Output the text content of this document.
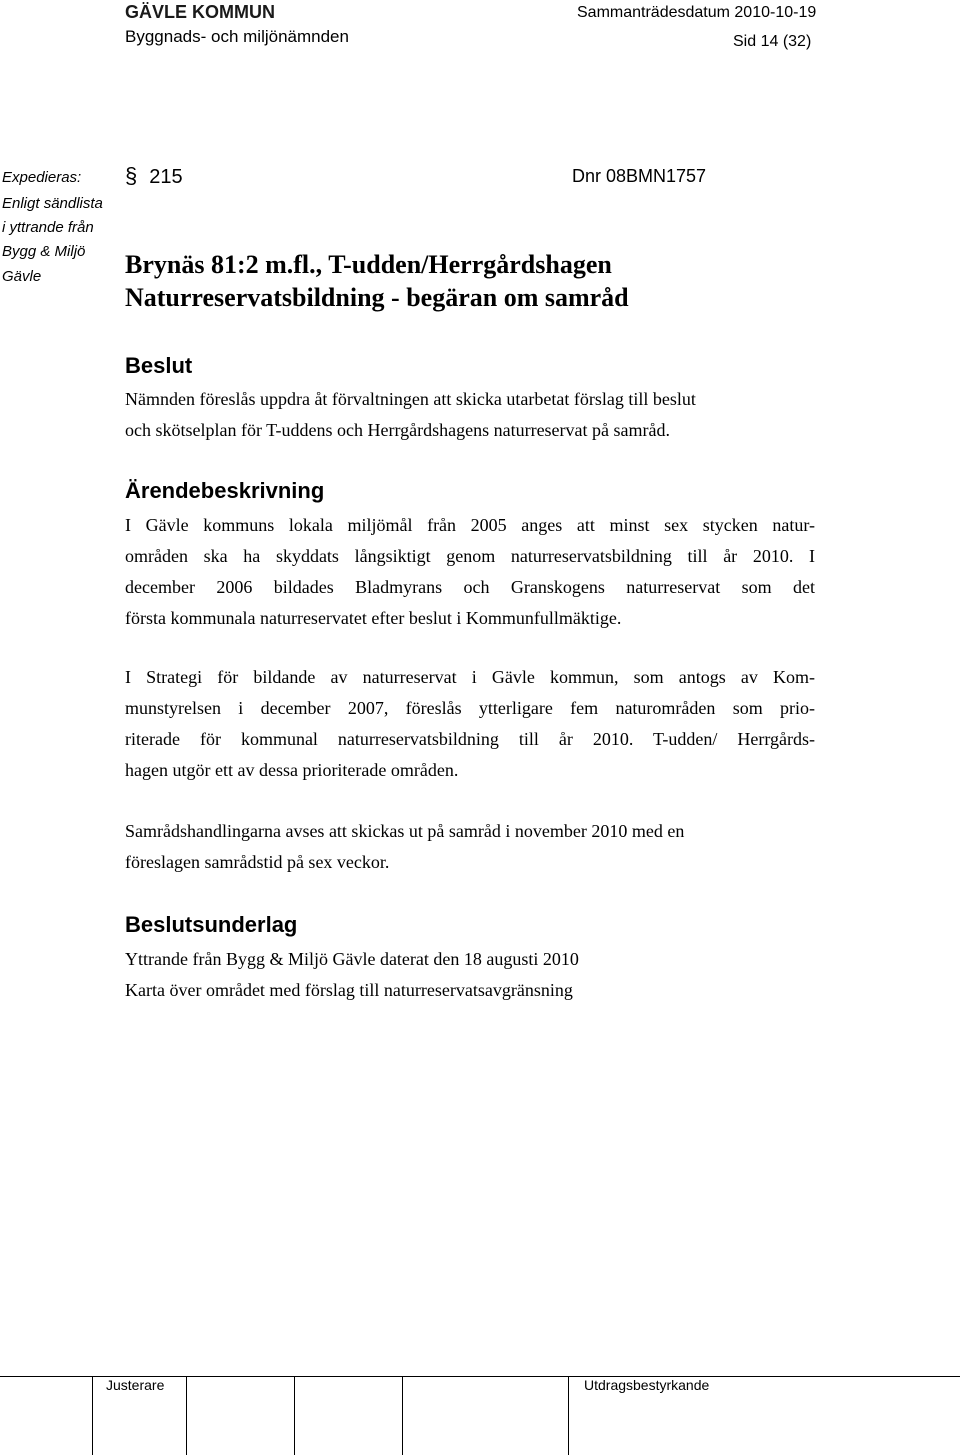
GÄVLE KOMMUN
Byggnads- och miljönämnden
Sammanträdesdatum 2010-10-19
Sid 14 (32)
Expedieras:
Enligt sändlista
i yttrande från
Bygg & Miljö
Gävle
§ 215	Dnr 08BMN1757
Brynäs 81:2 m.fl., T-udden/Herrgårdshagen
Naturreservatsbildning - begäran om samråd
Beslut
Nämnden föreslås uppdra åt förvaltningen att skicka utarbetat förslag till beslut
och skötselplan för T-uddens och Herrgårdshagens naturreservat på samråd.
Ärendebeskrivning
I Gävle kommuns lokala miljömål från 2005 anges att minst sex stycken natur-
områden ska ha skyddats långsiktigt genom naturreservatsbildning till år 2010. I
december 2006 bildades Bladmyrans och Granskogens naturreservat som det
första kommunala naturreservatet efter beslut i Kommunfullmäktige.
I Strategi för bildande av naturreservat i Gävle kommun, som antogs av Kom-
munstyrelsen i december 2007, föreslås ytterligare fem naturområden som prio-
riterade för kommunal naturreservatsbildning till år 2010. T-udden/ Herrgårds-
hagen utgör ett av dessa prioriterade områden.
Samrådshandlingarna avses att skickas ut på samråd i november 2010 med en
föreslagen samrådstid på sex veckor.
Beslutsunderlag
Yttrande från Bygg & Miljö Gävle daterat den 18 augusti 2010
Karta över området med förslag till naturreservatsavgränsning
Justerare	Utdragsbestyrkande
